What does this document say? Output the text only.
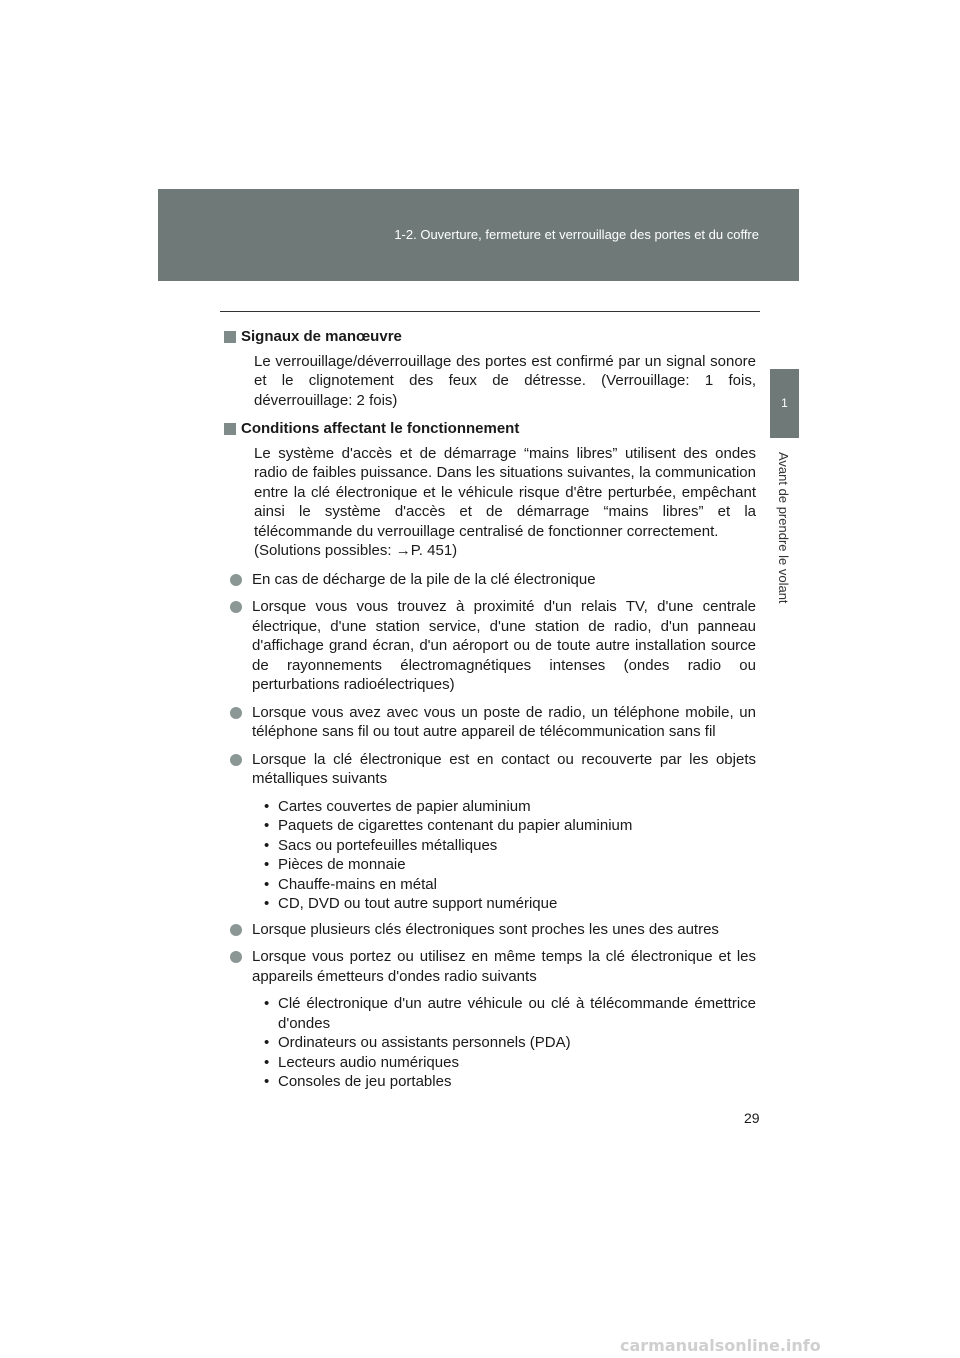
1-2. Ouverture, fermeture et verrouillage des portes et du coffre
1
Avant de prendre le volant
Signaux de manœuvre

Le verrouillage/déverrouillage des portes est confirmé par un signal sonore et le clignotement des feux de détresse. (Verrouillage: 1 fois, déverrouillage: 2 fois)

Conditions affectant le fonctionnement

Le système d'accès et de démarrage “mains libres” utilisent des ondes radio de faibles puissance. Dans les situations suivantes, la communication entre la clé électronique et le véhicule risque d'être perturbée, empêchant ainsi le système d'accès et de démarrage “mains libres” et la télécommande du verrouillage centralisé de fonctionner correctement.

(Solutions possibles: →P. 451)

En cas de décharge de la pile de la clé électronique
Lorsque vous vous trouvez à proximité d'un relais TV, d'une centrale électrique, d'une station service, d'une station de radio, d'un panneau d'affichage grand écran, d'un aéroport ou de toute autre installation source de rayonnements électromagnétiques intenses (ondes radio ou perturbations radioélectriques)
Lorsque vous avez avec vous un poste de radio, un téléphone mobile, un téléphone sans fil ou tout autre appareil de télécommunication sans fil
Lorsque la clé électronique est en contact ou recouverte par les objets métalliques suivants
• Cartes couvertes de papier aluminium
• Paquets de cigarettes contenant du papier aluminium
• Sacs ou portefeuilles métalliques
• Pièces de monnaie
• Chauffe-mains en métal
• CD, DVD ou tout autre support numérique
Lorsque plusieurs clés électroniques sont proches les unes des autres
Lorsque vous portez ou utilisez en même temps la clé électronique et les appareils émetteurs d'ondes radio suivants
• Clé électronique d'un autre véhicule ou clé à télécommande émettrice d'ondes
• Ordinateurs ou assistants personnels (PDA)
• Lecteurs audio numériques
• Consoles de jeu portables
29
carmanualsonline.info
